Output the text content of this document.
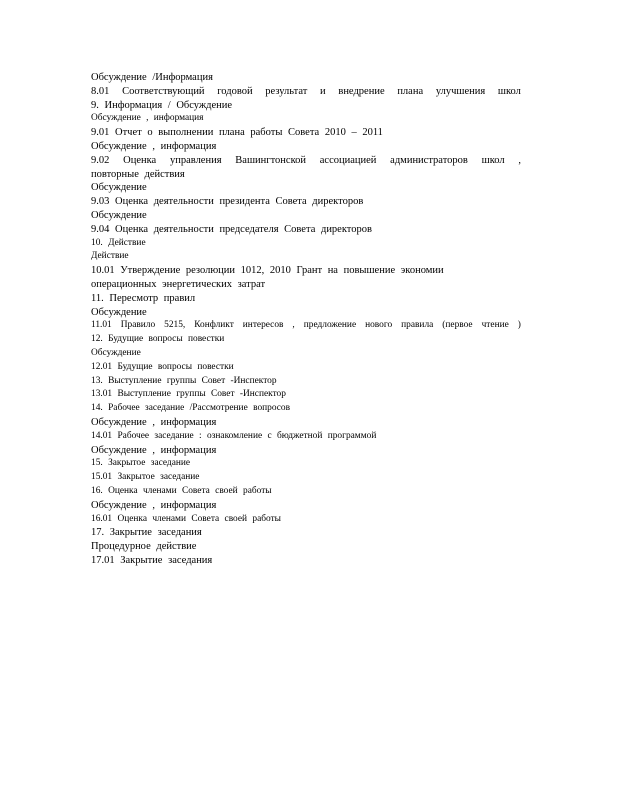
Обсуждение /Информация
8.01 Соответствующий годовой результат и внедрение плана улучшения школ
9. Информация / Обсуждение
Обсуждение , информация
9.01 Отчет о выполнении плана работы Совета 2010 – 2011
Обсуждение , информация
9.02 Оценка управления Вашингтонской ассоциацией администраторов школ ,
повторные действия
Обсуждение
9.03 Оценка деятельности президента Совета директоров
Обсуждение
9.04 Оценка деятельности председателя Совета директоров
10. Действие
Действие
10.01 Утверждение резолюции 1012, 2010 Грант на повышение экономии
операционных энергетических затрат
11. Пересмотр правил
Обсуждение
11.01 Правило 5215, Конфликт интересов , предложение нового правила (первое чтение )
12. Будущие вопросы повестки
Обсуждение
12.01 Будущие вопросы повестки
13. Выступление группы Совет -Инспектор
13.01 Выступление группы Совет -Инспектор
14. Рабочее заседание /Рассмотрение вопросов
Обсуждение , информация
14.01 Рабочее заседание : ознакомление с бюджетной программой
Обсуждение , информация
15. Закрытое заседание
15.01 Закрытое заседание
16. Оценка членами Совета своей работы
Обсуждение , информация
16.01 Оценка членами Совета своей работы
17. Закрытие заседания
Процедурное действие
17.01 Закрытие заседания
